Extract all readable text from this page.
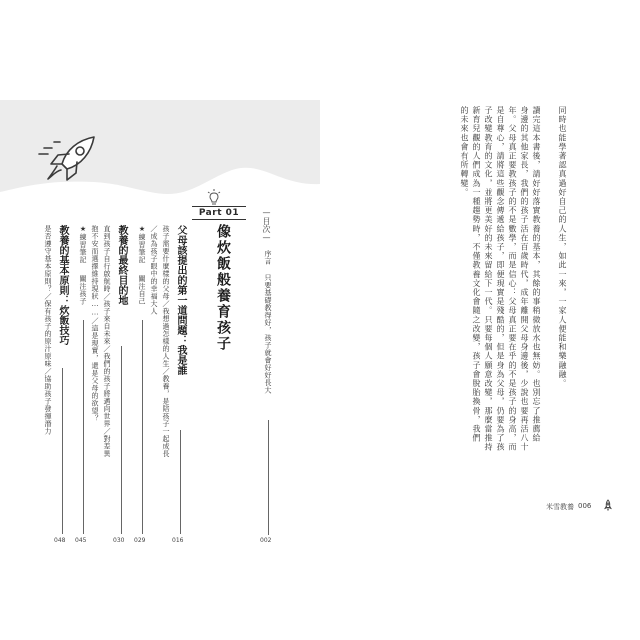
—目次—
序言
只要基礎教得好，孩子就會好好長大
002
Part 01
像炊飯般養育孩子
父母該提出的第一道問題：我是誰
孩子需要什麼樣的父母／我想過怎樣的人生／教養，是陪孩子一起成長
／成為孩子眼中的幸福大人
★練習筆記
關注自己
016
029
教養的最終目的地
直到孩子自行啟航時／孩子來自未來／我們的孩子將邁向世界／對差異
抱不安而選擇維持現狀……／這是現實，還是父母的欲望？
★練習筆記
關注孩子
030
045
教養的基本原則：炊飯技巧
是否遵守基本原則？／保有孩子的原汁原味／協助孩子發揮潛力
048
同時也能學著認真過好自己的人生，如此一來，一家人便能和樂融融。
讀完這本書後，請好好落實教養的基本，其餘的事稍微放水也無妨。也別忘了推薦給
身邊的其他家長，我們的孩子活在百歲時代，成年離開父母身邊後，少說也要再活八十
年。父母真正要教孩子的不是數學，而是信心：父母真正要在乎的不是孩子的身高，而
是自尊心，請將這些觀念傳遞給孩子，即便現實是殘酷的，但是身為父母，仍要為了孩
子改變教育的文化，並將更美好的未來留給下一代。只要每個人願意改變，那麼當推持
新育兒觀的人們成為一種趨勢時，不僅教養文化會隨之改變，孩子會脫胎換骨，我們
的未來也會有所轉變。
米雪教養 006
